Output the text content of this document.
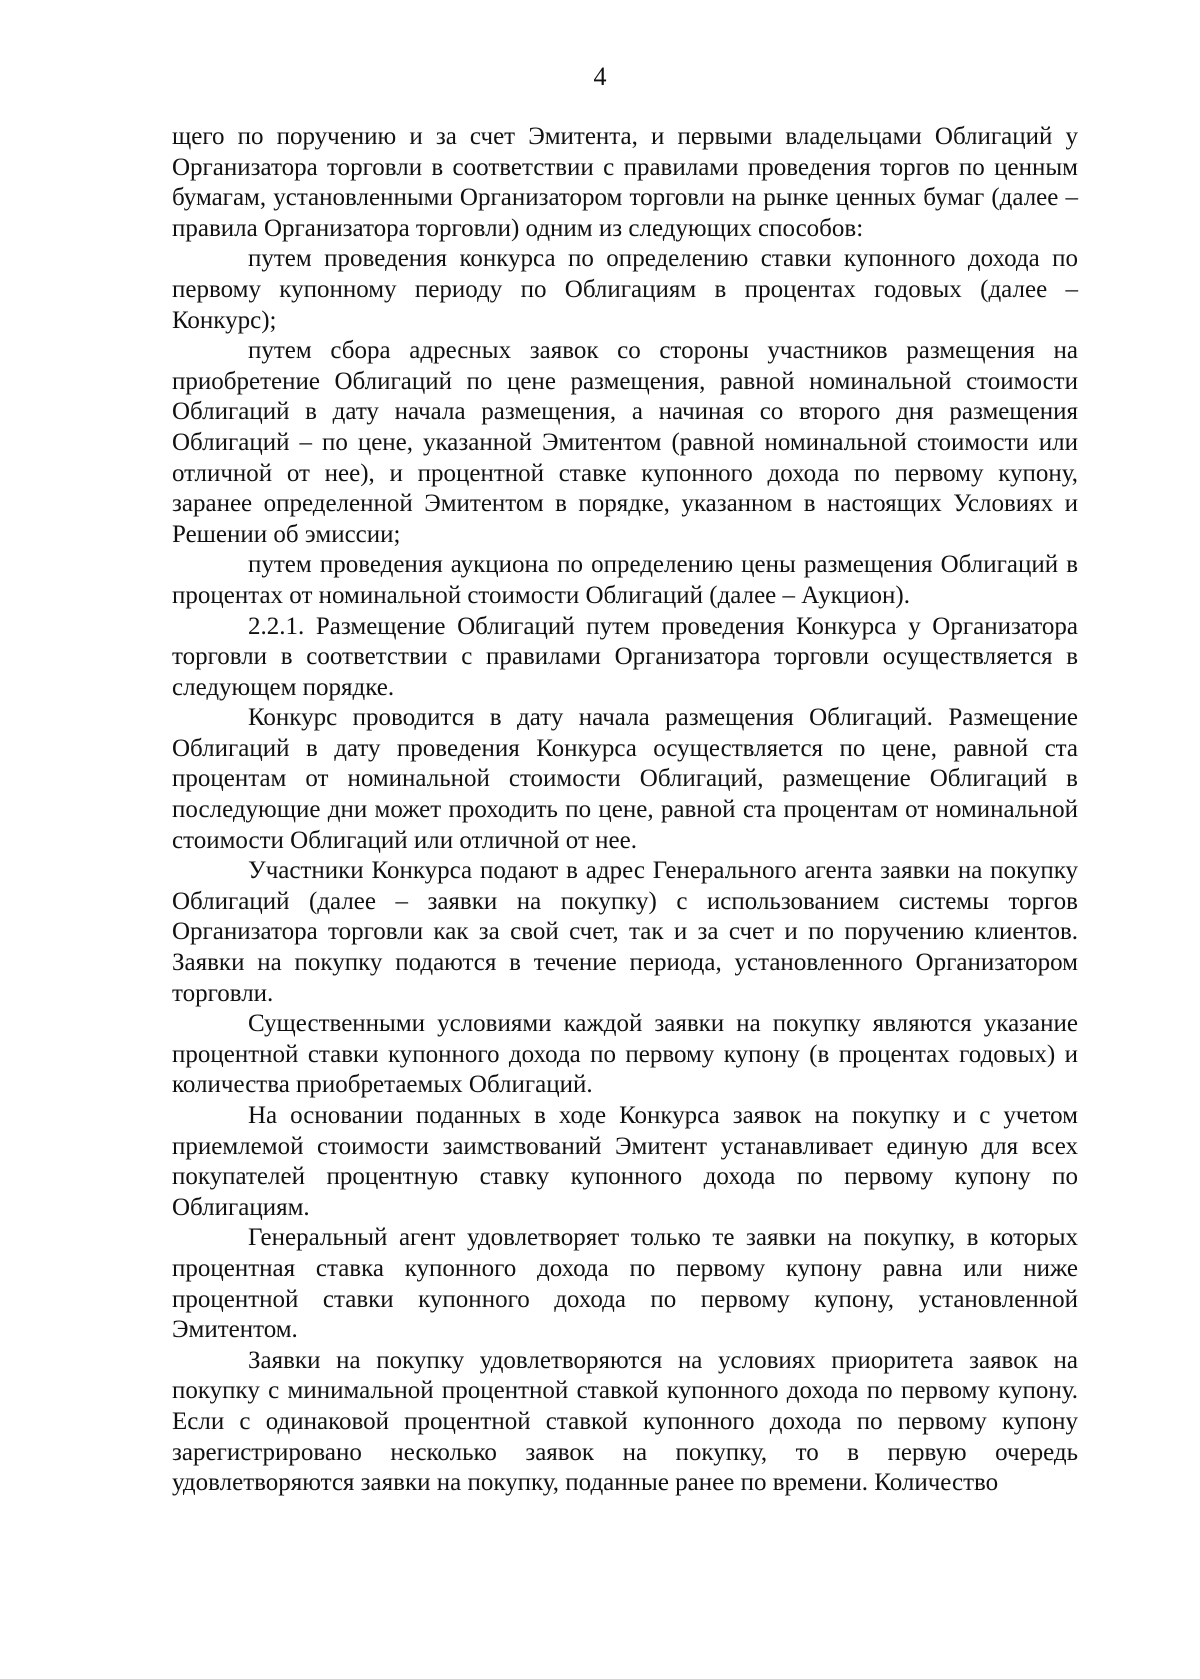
4

щего по поручению и за счет Эмитента, и первыми владельцами Облигаций у Организатора торговли в соответствии с правилами проведения торгов по ценным бумагам, установленными Организатором торговли на рынке ценных бумаг (далее – правила Организатора торговли) одним из следующих способов:

путем проведения конкурса по определению ставки купонного дохода по первому купонному периоду по Облигациям в процентах годовых (далее – Конкурс);

путем сбора адресных заявок со стороны участников размещения на приобретение Облигаций по цене размещения, равной номинальной стоимости Облигаций в дату начала размещения, а начиная со второго дня размещения Облигаций – по цене, указанной Эмитентом (равной номинальной стоимости или отличной от нее), и процентной ставке купонного дохода по первому купону, заранее определенной Эмитентом в порядке, указанном в настоящих Условиях и Решении об эмиссии;

путем проведения аукциона по определению цены размещения Облигаций в процентах от номинальной стоимости Облигаций (далее – Аукцион).

2.2.1. Размещение Облигаций путем проведения Конкурса у Организатора торговли в соответствии с правилами Организатора торговли осуществляется в следующем порядке.

Конкурс проводится в дату начала размещения Облигаций. Размещение Облигаций в дату проведения Конкурса осуществляется по цене, равной ста процентам от номинальной стоимости Облигаций, размещение Облигаций в последующие дни может проходить по цене, равной ста процентам от номинальной стоимости Облигаций или отличной от нее.

Участники Конкурса подают в адрес Генерального агента заявки на покупку Облигаций (далее – заявки на покупку) с использованием системы торгов Организатора торговли как за свой счет, так и за счет и по поручению клиентов. Заявки на покупку подаются в течение периода, установленного Организатором торговли.

Существенными условиями каждой заявки на покупку являются указание процентной ставки купонного дохода по первому купону (в процентах годовых) и количества приобретаемых Облигаций.

На основании поданных в ходе Конкурса заявок на покупку и с учетом приемлемой стоимости заимствований Эмитент устанавливает единую для всех покупателей процентную ставку купонного дохода по первому купону по Облигациям.

Генеральный агент удовлетворяет только те заявки на покупку, в которых процентная ставка купонного дохода по первому купону равна или ниже процентной ставки купонного дохода по первому купону, установленной Эмитентом.

Заявки на покупку удовлетворяются на условиях приоритета заявок на покупку с минимальной процентной ставкой купонного дохода по первому купону. Если с одинаковой процентной ставкой купонного дохода по первому купону зарегистрировано несколько заявок на покупку, то в первую очередь удовлетворяются заявки на покупку, поданные ранее по времени. Количество
